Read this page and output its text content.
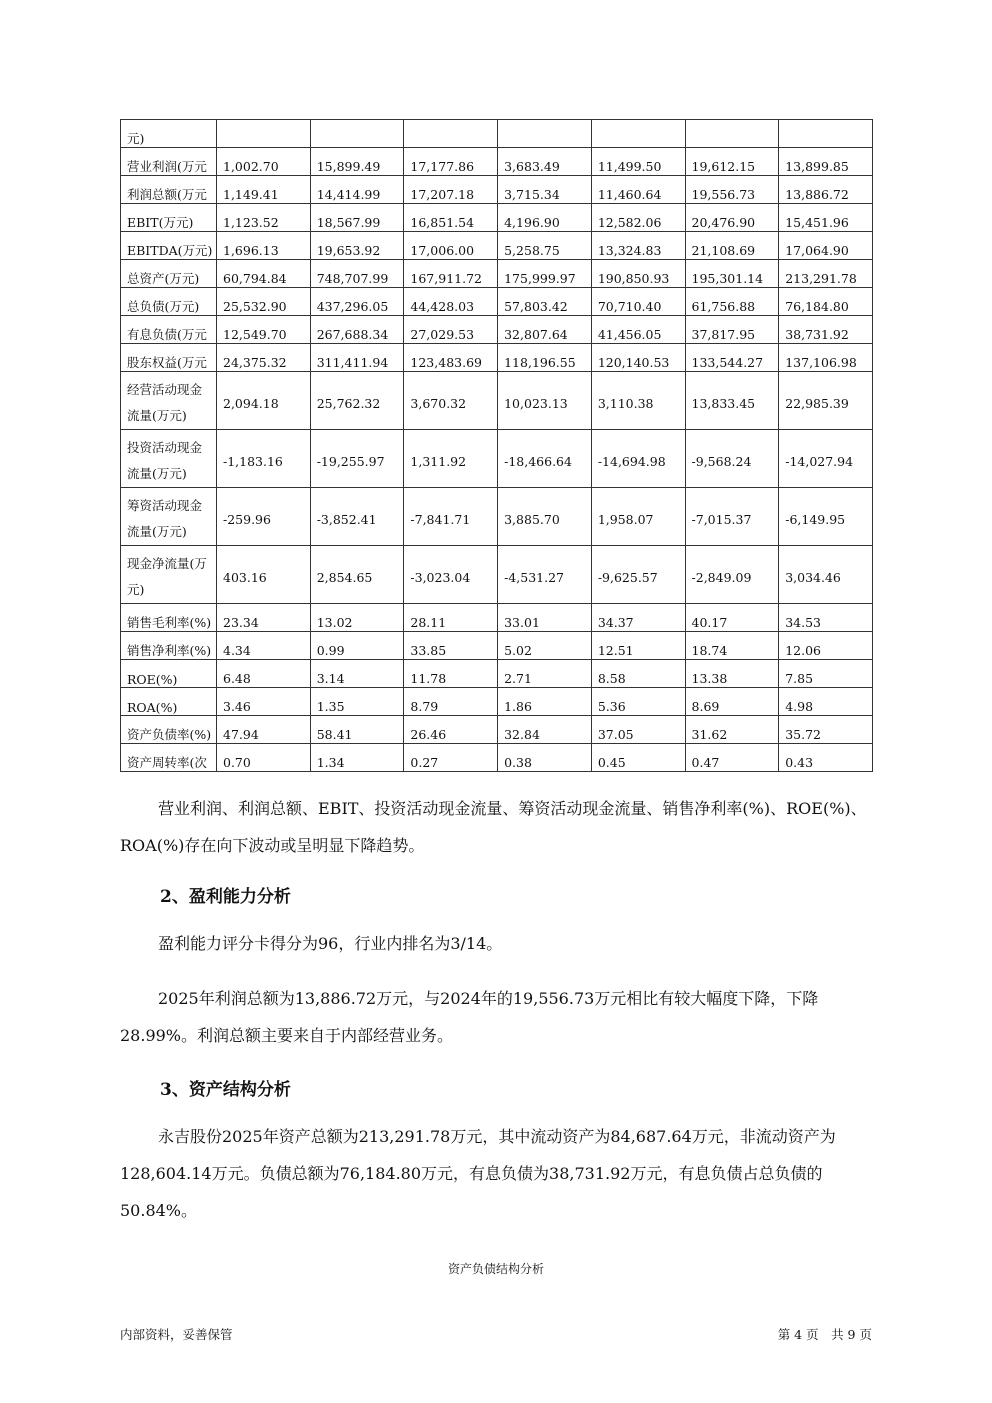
元)							
营业利润(万元	1,002.70	15,899.49	17,177.86	3,683.49	11,499.50	19,612.15	13,899.85
利润总额(万元	1,149.41	14,414.99	17,207.18	3,715.34	11,460.64	19,556.73	13,886.72
EBIT(万元)	1,123.52	18,567.99	16,851.54	4,196.90	12,582.06	20,476.90	15,451.96
EBITDA(万元)	1,696.13	19,653.92	17,006.00	5,258.75	13,324.83	21,108.69	17,064.90
总资产(万元)	60,794.84	748,707.99	167,911.72	175,999.97	190,850.93	195,301.14	213,291.78
总负债(万元)	25,532.90	437,296.05	44,428.03	57,803.42	70,710.40	61,756.88	76,184.80
有息负债(万元	12,549.70	267,688.34	27,029.53	32,807.64	41,456.05	37,817.95	38,731.92
股东权益(万元	24,375.32	311,411.94	123,483.69	118,196.55	120,140.53	133,544.27	137,106.98
经营活动现金流量(万元)	2,094.18	25,762.32	3,670.32	10,023.13	3,110.38	13,833.45	22,985.39
投资活动现金流量(万元)	-1,183.16	-19,255.97	1,311.92	-18,466.64	-14,694.98	-9,568.24	-14,027.94
筹资活动现金流量(万元)	-259.96	-3,852.41	-7,841.71	3,885.70	1,958.07	-7,015.37	-6,149.95
现金净流量(万元)	403.16	2,854.65	-3,023.04	-4,531.27	-9,625.57	-2,849.09	3,034.46
销售毛利率(%)	23.34	13.02	28.11	33.01	34.37	40.17	34.53
销售净利率(%)	4.34	0.99	33.85	5.02	12.51	18.74	12.06
ROE(%)	6.48	3.14	11.78	2.71	8.58	13.38	7.85
ROA(%)	3.46	1.35	8.79	1.86	5.36	8.69	4.98
资产负债率(%)	47.94	58.41	26.46	32.84	37.05	31.62	35.72
资产周转率(次	0.70	1.34	0.27	0.38	0.45	0.47	0.43

营业利润、利润总额、EBIT、投资活动现金流量、筹资活动现金流量、销售净利率(%)、ROE(%)、ROA(%)存在向下波动或呈明显下降趋势。

2、盈利能力分析

盈利能力评分卡得分为96，行业内排名为3/14。

2025年利润总额为13,886.72万元，与2024年的19,556.73万元相比有较大幅度下降，下降28.99%。利润总额主要来自于内部经营业务。

3、资产结构分析

永吉股份2025年资产总额为213,291.78万元，其中流动资产为84,687.64万元，非流动资产为128,604.14万元。负债总额为76,184.80万元，有息负债为38,731.92万元，有息负债占总负债的50.84%。

资产负债结构分析
内部资料，妥善保管	第 4 页　共 9 页
